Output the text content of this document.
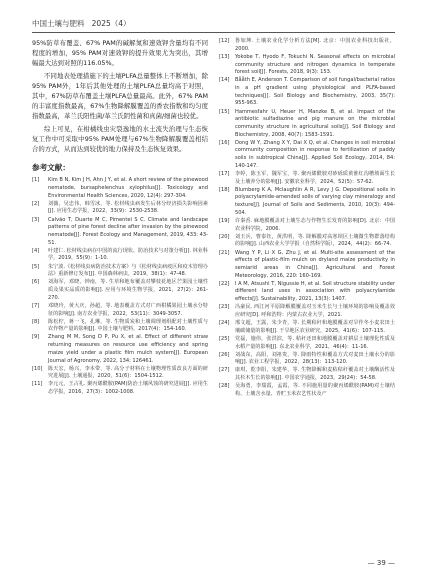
中国土壤与肥料 2025（4）

95%防草布覆盖、67% PAM的碱解氮和速效钾含量均有不同程度的增加，95% PAM对速效钾的提升效果尤为突出，其增幅最大达到对照的116.05%。

不同地表处理措施下的土壤PLFA总量整体上不断增加，除95% PAM外，1年后其他处理的土壤PLFA总量均高于对照，其中，67%防草布覆盖土壤PLFA总量最高。此外，67% PAM的丰富度指数最高，67%生物降解膜覆盖的香农指数和均匀度指数最高，革兰氏阳性菌/革兰氏阴性菌和真菌/细菌也较优。

综上可见，在柑橘线虫灾裂逸地的水土流失治理与生态恢复工作中可采取中95% PAM处理与67%生物降解膜覆盖相结合的方式，从而达到较优的地力保持及生态恢复效果。

参考文献：
[1] Kim B N, Kim J H, Ahn J Y, et al. A short review of the pinewood nematode, bursaphelenchus xylophilus[J]. Toxicology and Environmental Health Sciences, 2020, 12(4): 297-304.
[2] 刘薇，吴忠伟，韩雪冰，等. 松材线虫病发生后林分经济损失影响因素[J]. 应用生态学报，2022，33(9)：2530-2538.
[3] Calvão T, Duarte M C, Pimentel S C. Climate and landscape patterns of pine forest decline after invasion by the pinewood nematode[J]. Forest Ecology and Management, 2019, 433: 43-51.
[4] 叶建仁. 松材线虫病在中国的流行现状、防治技术与对策分析[J]. 林业科学，2019，55(9)：1-10.
[5] 朱宁波.《松材线虫病防治技术方案》与《松材线虫病疫区和疫木管理办法》重新修订发布[J]. 中国森林病虫，2019，38(1)：47-48.
[6] 刘海军，邓晓，钟南，等. 生草和地布覆盖对攀枝花地区芒果园土壤性质及果实品质的影响[J]. 应用与环境生物学报，2021，27(2)：261-270.
[7] 邓晓玲，黄大庆，孙超，等. 地表覆盖方式对广西柑橘果园土壤水分特征的影响[J]. 南方农业学报，2022，53(11)：3049-3057.
[8] 陈松柠，蒋一飞，孔琳，等. 生物质炭和土壤调理剂组配对土壤性质与农作物产量的影响[J]. 中国土壤与肥料，2017(4)：154-160.
[9] Zhang M M, Song D P, Pu X, et al. Effect of different straw returning measures on resource use efficiency and spring maize yield under a plastic film mulch system[J]. European Journal of Agronomy, 2022, 134: 126461.
[10] 陈天宏，杨兴，李本带，等. 高分子材料在土壤物理性质改良方面的研究进展[J]. 土壤通报，2020，51(6)：1504-1512.
[11] 李元元，王占礼. 聚丙烯酰胺(PAM)防治土壤风蚀的研究进展[J]. 应用生态学报，2016，27(3)：1002-1008.
[12] 鲁如坤. 土壤农业化学分析方法[M]. 北京：中国农业科技出版社，2000.
[13] Yokobe T, Hyodo F, Tokuchi N. Seasonal effects on microbial community structure and nitrogen dynamics in temperate forest soil[J]. Forests, 2018, 9(3): 153.
[14] Bååth E, Anderson T. Comparison of soil fungal/bacterial ratios in a pH gradient using physiological and PLFA-based techniques[J]. Soil Biology and Biochemistry, 2003, 35(7): 955-963.
[15] Hammesfahr U, Heuer H, Manzke B, et al. Impact of the antibiotic sulfadiazine and pig manure on the microbial community structure in agricultural soils[J]. Soil Biology and Biochemistry, 2008, 40(7): 1583-1591.
[16] Dong W Y, Zhang X Y, Dai X Q, et al. Changes in soil microbial community composition in response to fertilization of paddy soils in subtropical China[J]. Applied Soil Ecology, 2014, 84: 140-147.
[17] 李婷，陈玉军，魏军宝，等. 聚丙烯酰胺对砂砾质黄淮红沟槽坡面生长及土壤养分的影响[J]. 安徽农业科学，2024，52(5)：57-62.
[18] Blumberg K A, Mclaughlin A R, Levy J G. Depositional soils in polyacrylamide-amended soils of varying clay mineralogy and texture[J]. Journal of Soils and Sediments, 2010, 10(3): 494-504.
[19] 许秦香. 麻地膜覆盖对土壤生态与作物生长发育的影响[D]. 北京：中国农业科学院，2006.
[20] 刘玉兵，曹泰钰，黄洪明，等. 降解膜对高寒坝区土壤微生物群落结构的影响[J]. 山西农业大学学报（自然科学版），2024，44(2)：66-74.
[21] Wang Y P, Li X G, Zhu J, et al. Multi-site assessment of the effects of plastic-film mulch on dryland maize productivity in semiarid areas in China[J]. Agricultural and Forest Meteorology, 2016, 220: 160-169.
[22] I A M, Atsushi T, Nigussie H, et al. Soil structure stability under different land uses in association with polyacrylamide effects[J]. Sustainability, 2021, 13(3): 1407.
[23] 冯豪民. 西江河平原降解膜覆盖对玉米生长与土壤环境的影响及覆盖效应研究[D]. 呼和浩特：内蒙古农业大学，2021.
[24] 邢文超，王露，朱少青，等. 长期秸秆和地膜覆盖对旱作冬小麦农田土壤碳储量的影响[J]. 干旱地区农业研究，2025，41(6)：107-115.
[25] 党磊，施伟，张洪滨，等. 秸秆还田和地膜覆盖对耕层土壤理化性质及水稻产量的影响[J]. 东北农业科学，2021，46(4)：11-16.
[26] 刘战东，高阳，刘祖贵，等. 降雨特性和覆盖方式对麦田土壤水分的影响[J]. 农业工程学报，2022，28(13)：113-120.
[27] 康琪，乾李阳，朱建华，等. 生物降解和麦秸秸秆覆盖对土壤酶活性及其杉木生长的影响[J]. 中国农学通报，2023，29(24)：54-58.
[28] 吴海勇，李瑞霞，孟霞，等. 不同施用量的聚丙烯酰胺(PAM)对土壤结构、土壤含水量、青贮玉米农艺性状及产
— 39 —
